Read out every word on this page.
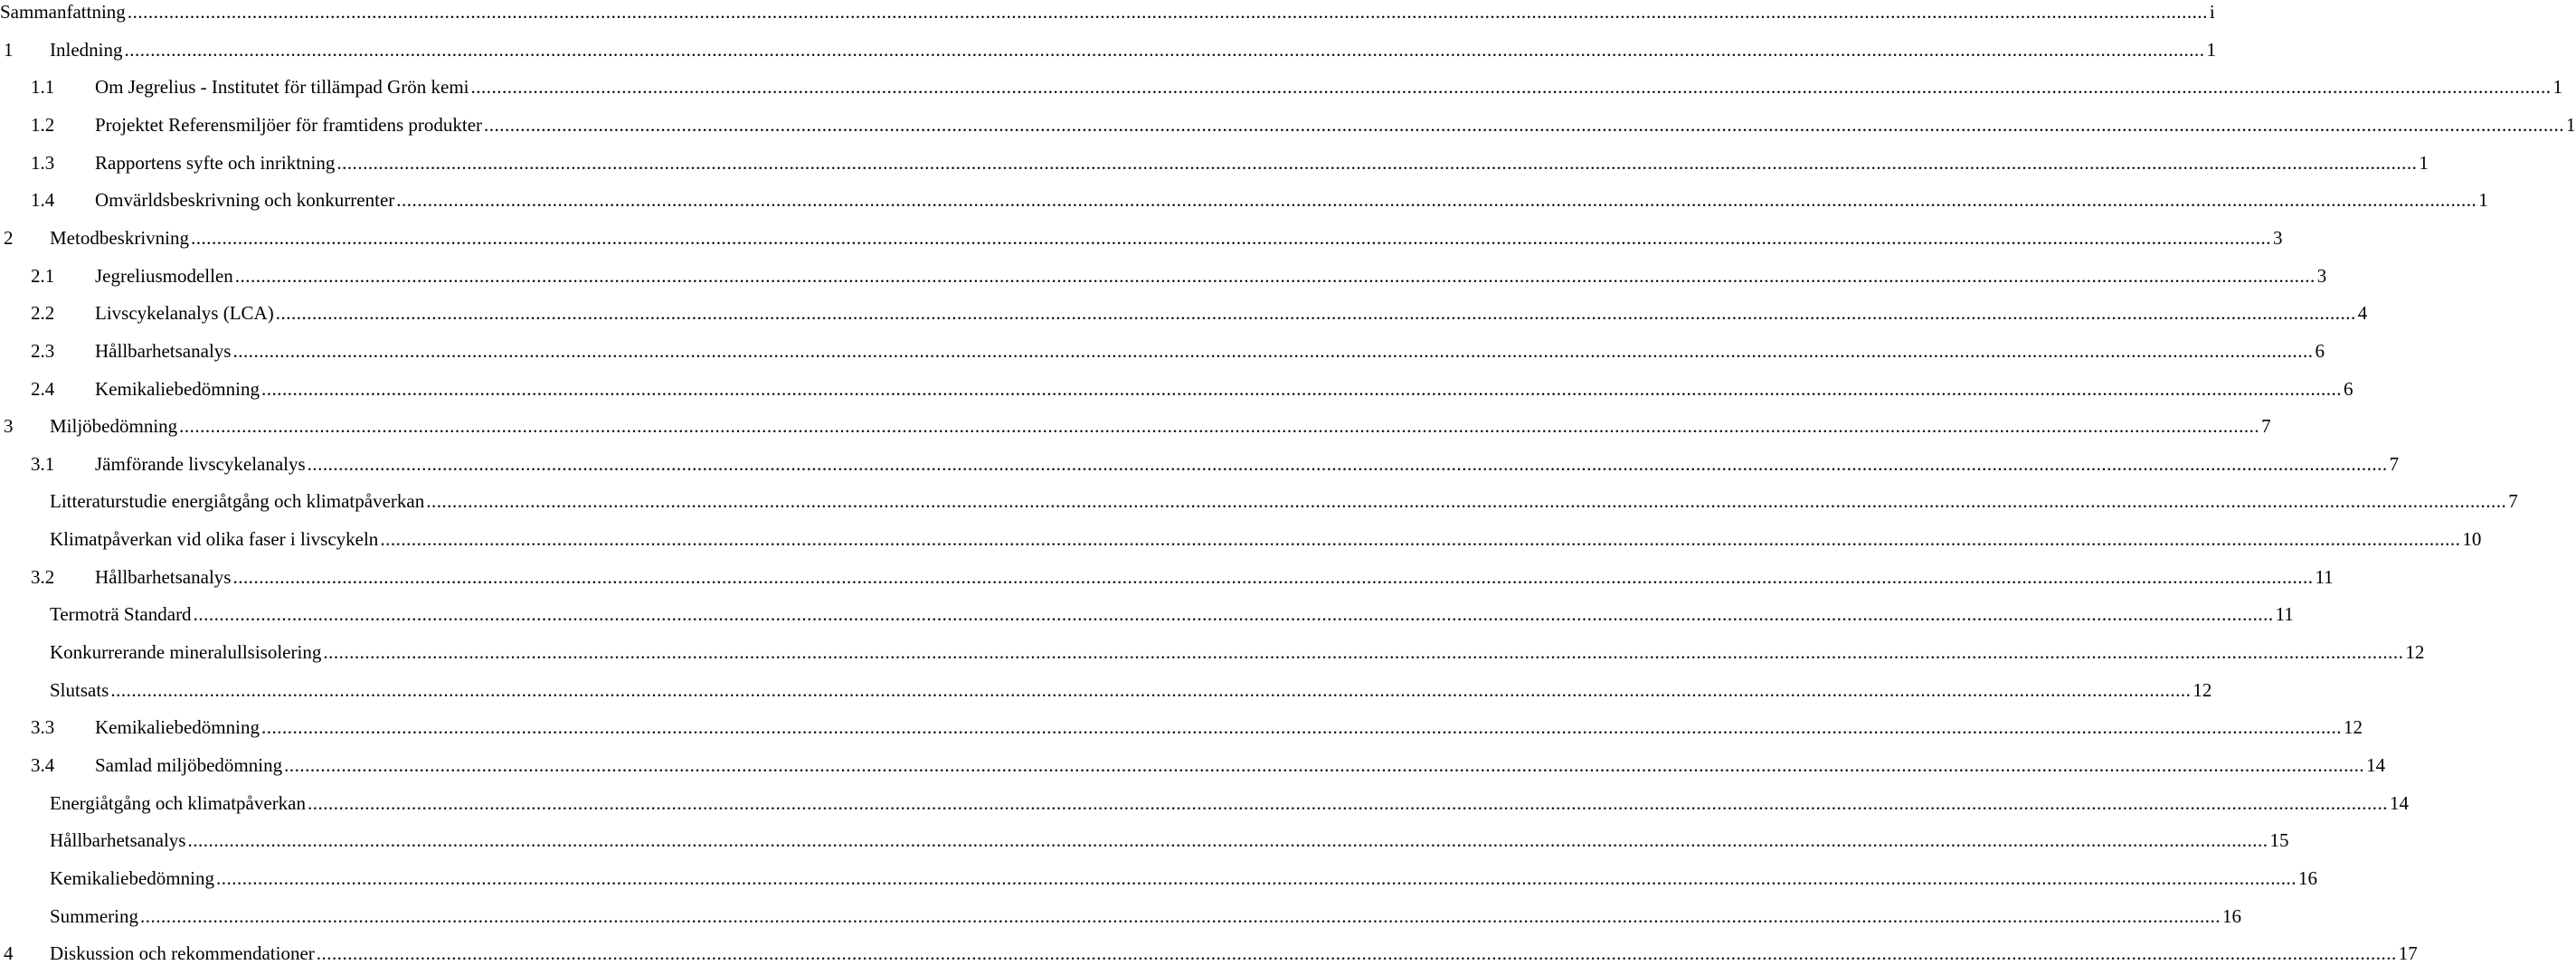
Sammanfattning ................................................................................................................................................................................................................................................................................................................................................................................................................ i
1 Inledning ................................................................................................................................................................................................................................................................................................................................................................................................................ 1
1.1 Om Jegrelius - Institutet för tillämpad Grön kemi ................................................................................................................................................................................................................................................................................................................................................................................................................ 1
1.2 Projektet Referensmiljöer för framtidens produkter ................................................................................................................................................................................................................................................................................................................................................................................................................ 1
1.3 Rapportens syfte och inriktning ................................................................................................................................................................................................................................................................................................................................................................................................................ 1
1.4 Omvärldsbeskrivning och konkurrenter ................................................................................................................................................................................................................................................................................................................................................................................................................ 1
2 Metodbeskrivning ................................................................................................................................................................................................................................................................................................................................................................................................................ 3
2.1 Jegreliusmodellen ................................................................................................................................................................................................................................................................................................................................................................................................................ 3
2.2 Livscykelanalys (LCA) ................................................................................................................................................................................................................................................................................................................................................................................................................ 4
2.3 Hållbarhetsanalys ................................................................................................................................................................................................................................................................................................................................................................................................................ 6
2.4 Kemikaliebedömning ................................................................................................................................................................................................................................................................................................................................................................................................................ 6
3 Miljöbedömning ................................................................................................................................................................................................................................................................................................................................................................................................................ 7
3.1 Jämförande livscykelanalys ................................................................................................................................................................................................................................................................................................................................................................................................................ 7
Litteraturstudie energiåtgång och klimatpåverkan ................................................................................................................................................................................................................................................................................................................................................................................................................ 7
Klimatpåverkan vid olika faser i livscykeln ................................................................................................................................................................................................................................................................................................................................................................................................................ 10
3.2 Hållbarhetsanalys ................................................................................................................................................................................................................................................................................................................................................................................................................ 11
Termoträ Standard ................................................................................................................................................................................................................................................................................................................................................................................................................ 11
Konkurrerande mineralullsisolering ................................................................................................................................................................................................................................................................................................................................................................................................................ 12
Slutsats ................................................................................................................................................................................................................................................................................................................................................................................................................ 12
3.3 Kemikaliebedömning ................................................................................................................................................................................................................................................................................................................................................................................................................ 12
3.4 Samlad miljöbedömning ................................................................................................................................................................................................................................................................................................................................................................................................................ 14
Energiåtgång och klimatpåverkan ................................................................................................................................................................................................................................................................................................................................................................................................................ 14
Hållbarhetsanalys ................................................................................................................................................................................................................................................................................................................................................................................................................ 15
Kemikaliebedömning ................................................................................................................................................................................................................................................................................................................................................................................................................ 16
Summering ................................................................................................................................................................................................................................................................................................................................................................................................................ 16
4 Diskussion och rekommendationer ................................................................................................................................................................................................................................................................................................................................................................................................................ 17
